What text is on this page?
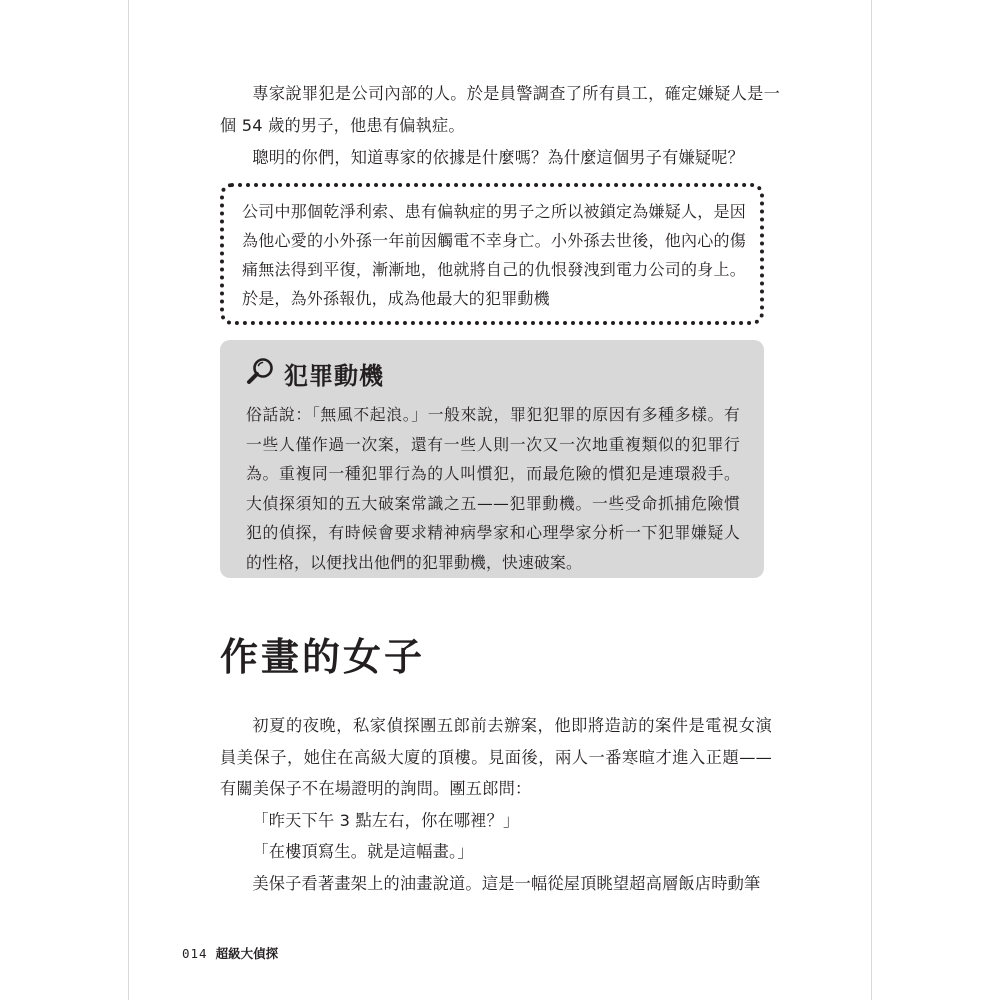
專家說罪犯是公司內部的人。於是員警調查了所有員工，確定嫌疑人是一個 54 歲的男子，他患有偏執症。

聰明的你們，知道專家的依據是什麼嗎？為什麼這個男子有嫌疑呢？

公司中那個乾淨利索、患有偏執症的男子之所以被鎖定為嫌疑人，是因為他心愛的小外孫一年前因觸電不幸身亡。小外孫去世後，他內心的傷痛無法得到平復，漸漸地，他就將自己的仇恨發洩到電力公司的身上。於是，為外孫報仇，成為他最大的犯罪動機

犯罪動機

俗話說：「無風不起浪。」一般來說，罪犯犯罪的原因有多種多樣。有一些人僅作過一次案，還有一些人則一次又一次地重複類似的犯罪行為。重複同一種犯罪行為的人叫慣犯，而最危險的慣犯是連環殺手。大偵探須知的五大破案常識之五——犯罪動機。一些受命抓捕危險慣犯的偵探，有時候會要求精神病學家和心理學家分析一下犯罪嫌疑人的性格，以便找出他們的犯罪動機，快速破案。

作畫的女子

初夏的夜晚，私家偵探團五郎前去辦案，他即將造訪的案件是電視女演員美保子，她住在高級大廈的頂樓。見面後，兩人一番寒暄才進入正題——有關美保子不在場證明的詢問。團五郎問：

「昨天下午 3 點左右，你在哪裡？」

「在樓頂寫生。就是這幅畫。」

美保子看著畫架上的油畫說道。這是一幅從屋頂眺望超高層飯店時動筆

014 超級大偵探
